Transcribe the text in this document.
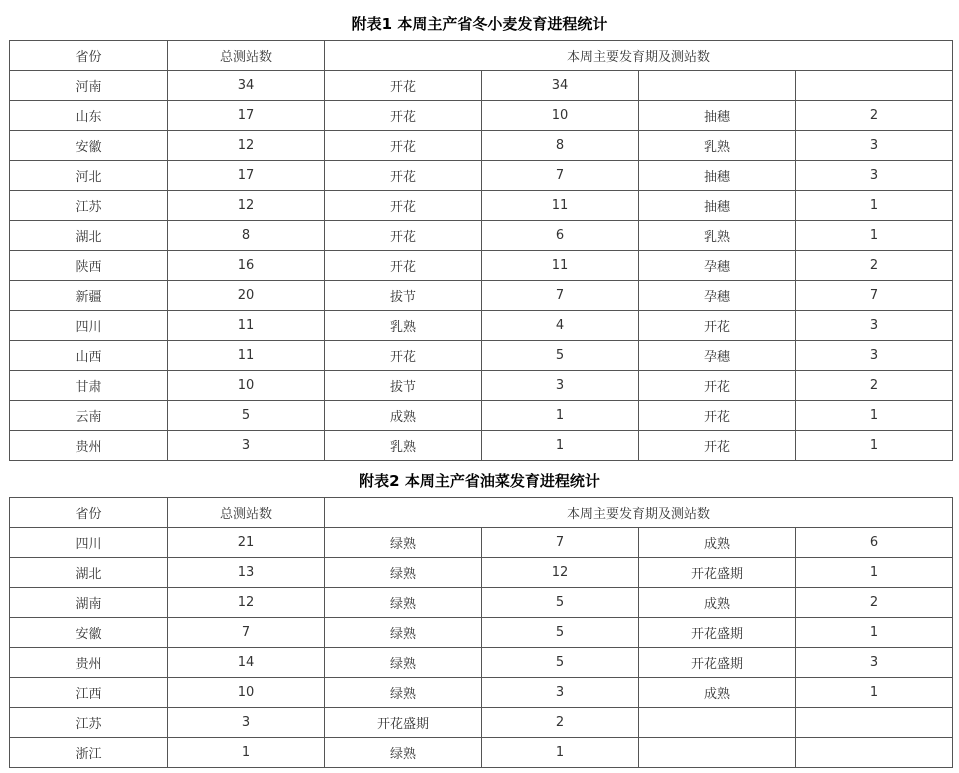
附表1 本周主产省冬小麦发育进程统计
省份	总测站数	本周主要发育期及测站数			
河南	34	开花	34		
山东	17	开花	10	抽穗	2
安徽	12	开花	8	乳熟	3
河北	17	开花	7	抽穗	3
江苏	12	开花	11	抽穗	1
湖北	8	开花	6	乳熟	1
陕西	16	开花	11	孕穗	2
新疆	20	拔节	7	孕穗	7
四川	11	乳熟	4	开花	3
山西	11	开花	5	孕穗	3
甘肃	10	拔节	3	开花	2
云南	5	成熟	1	开花	1
贵州	3	乳熟	1	开花	1
附表2 本周主产省油菜发育进程统计
省份	总测站数	本周主要发育期及测站数			
四川	21	绿熟	7	成熟	6
湖北	13	绿熟	12	开花盛期	1
湖南	12	绿熟	5	成熟	2
安徽	7	绿熟	5	开花盛期	1
贵州	14	绿熟	5	开花盛期	3
江西	10	绿熟	3	成熟	1
江苏	3	开花盛期	2		
浙江	1	绿熟	1		
